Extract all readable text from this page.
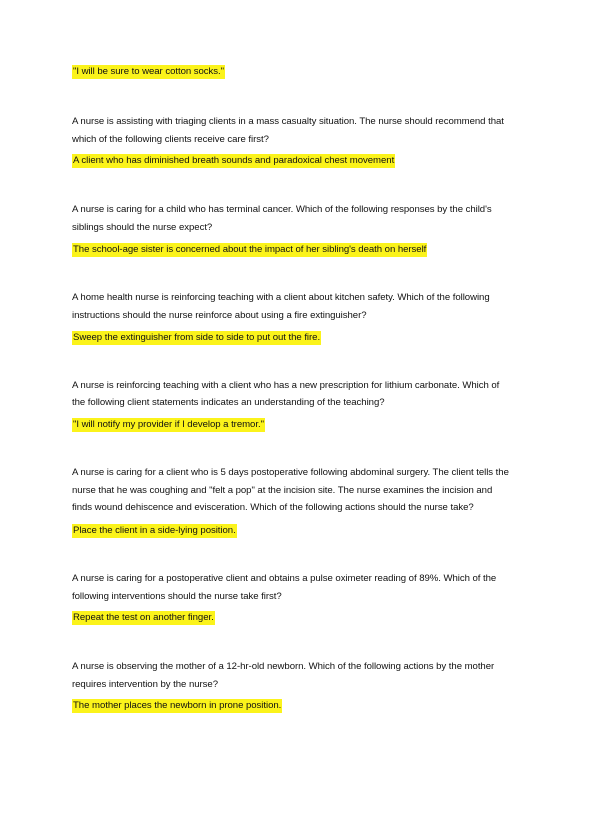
"I will be sure to wear cotton socks."

A nurse is assisting with triaging clients in a mass casualty situation. The nurse should recommend that

which of the following clients receive care first?

A client who has diminished breath sounds and paradoxical chest movement

A nurse is caring for a child who has terminal cancer. Which of the following responses by the child's

siblings should the nurse expect?

The school-age sister is concerned about the impact of her sibling's death on herself

A home health nurse is reinforcing teaching with a client about kitchen safety. Which of the following

instructions should the nurse reinforce about using a fire extinguisher?

Sweep the extinguisher from side to side to put out the fire.

A nurse is reinforcing teaching with a client who has a new prescription for lithium carbonate. Which of

the following client statements indicates an understanding of the teaching?

"I will notify my provider if I develop a tremor."

A nurse is caring for a client who is 5 days postoperative following abdominal surgery. The client tells the

nurse that he was coughing and "felt a pop" at the incision site. The nurse examines the incision and

finds wound dehiscence and evisceration. Which of the following actions should the nurse take?

Place the client in a side-lying position.

A nurse is caring for a postoperative client and obtains a pulse oximeter reading of 89%. Which of the

following interventions should the nurse take first?

Repeat the test on another finger.

A nurse is observing the mother of a 12-hr-old newborn. Which of the following actions by the mother

requires intervention by the nurse?

The mother places the newborn in prone position.
